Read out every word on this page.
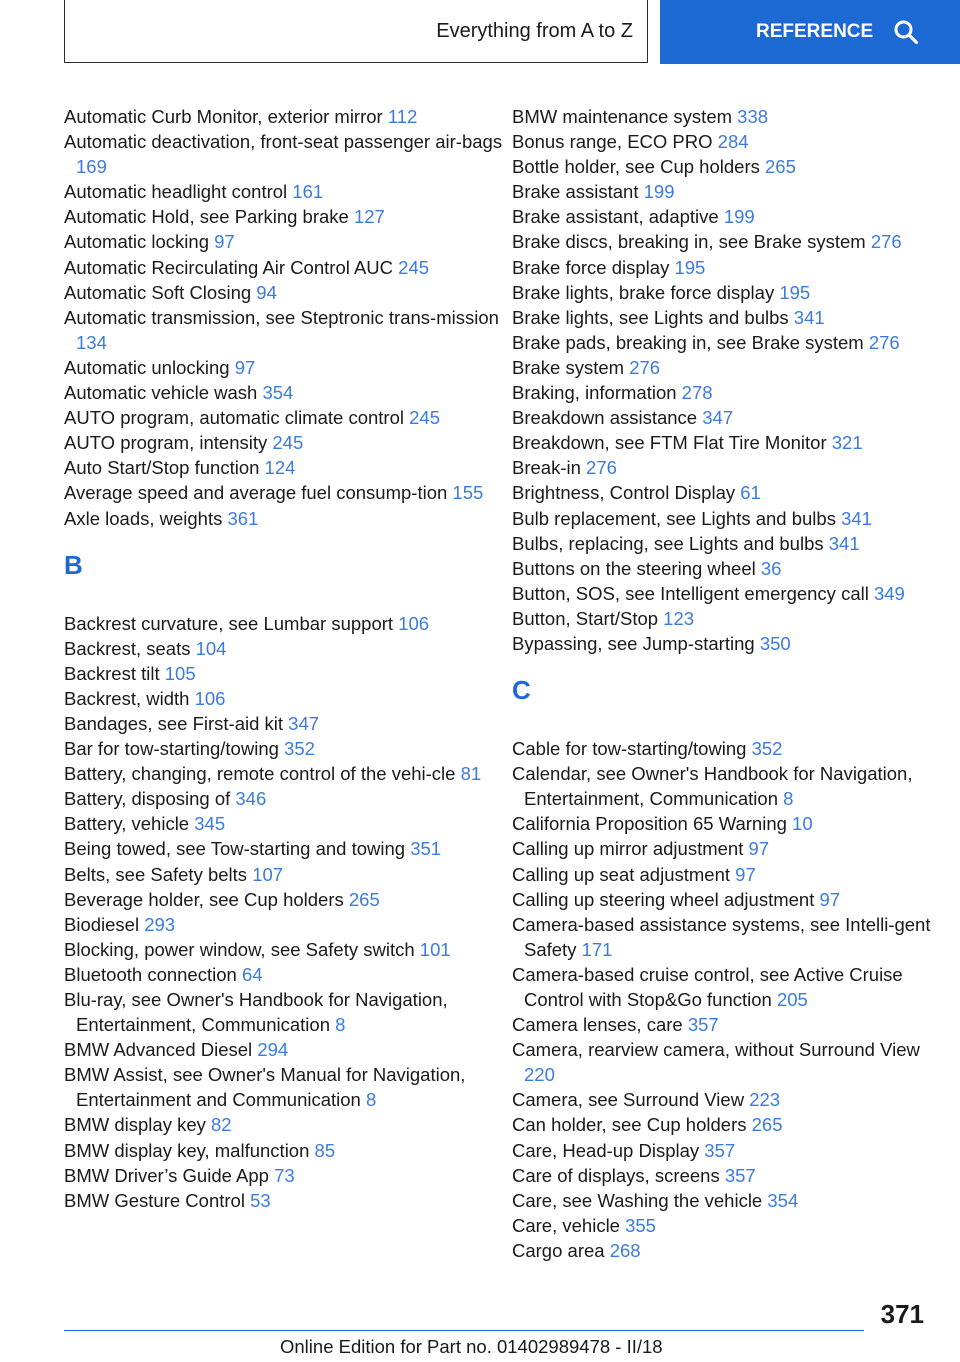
Everything from A to Z	REFERENCE
Automatic Curb Monitor, exterior mirror 112
Automatic deactivation, front-seat passenger air-bags 169
Automatic headlight control 161
Automatic Hold, see Parking brake 127
Automatic locking 97
Automatic Recirculating Air Control AUC 245
Automatic Soft Closing 94
Automatic transmission, see Steptronic trans-mission 134
Automatic unlocking 97
Automatic vehicle wash 354
AUTO program, automatic climate control 245
AUTO program, intensity 245
Auto Start/Stop function 124
Average speed and average fuel consump-tion 155
Axle loads, weights 361
B
Backrest curvature, see Lumbar support 106
Backrest, seats 104
Backrest tilt 105
Backrest, width 106
Bandages, see First-aid kit 347
Bar for tow-starting/towing 352
Battery, changing, remote control of the vehi-cle 81
Battery, disposing of 346
Battery, vehicle 345
Being towed, see Tow-starting and towing 351
Belts, see Safety belts 107
Beverage holder, see Cup holders 265
Biodiesel 293
Blocking, power window, see Safety switch 101
Bluetooth connection 64
Blu-ray, see Owner's Handbook for Navigation, Entertainment, Communication 8
BMW Advanced Diesel 294
BMW Assist, see Owner's Manual for Navigation, Entertainment and Communication 8
BMW display key 82
BMW display key, malfunction 85
BMW Driver’s Guide App 73
BMW Gesture Control 53
BMW maintenance system 338
Bonus range, ECO PRO 284
Bottle holder, see Cup holders 265
Brake assistant 199
Brake assistant, adaptive 199
Brake discs, breaking in, see Brake system 276
Brake force display 195
Brake lights, brake force display 195
Brake lights, see Lights and bulbs 341
Brake pads, breaking in, see Brake system 276
Brake system 276
Braking, information 278
Breakdown assistance 347
Breakdown, see FTM Flat Tire Monitor 321
Break-in 276
Brightness, Control Display 61
Bulb replacement, see Lights and bulbs 341
Bulbs, replacing, see Lights and bulbs 341
Buttons on the steering wheel 36
Button, SOS, see Intelligent emergency call 349
Button, Start/Stop 123
Bypassing, see Jump-starting 350
C
Cable for tow-starting/towing 352
Calendar, see Owner's Handbook for Navigation, Entertainment, Communication 8
California Proposition 65 Warning 10
Calling up mirror adjustment 97
Calling up seat adjustment 97
Calling up steering wheel adjustment 97
Camera-based assistance systems, see Intelli-gent Safety 171
Camera-based cruise control, see Active Cruise Control with Stop&Go function 205
Camera lenses, care 357
Camera, rearview camera, without Surround View 220
Camera, see Surround View 223
Can holder, see Cup holders 265
Care, Head-up Display 357
Care of displays, screens 357
Care, see Washing the vehicle 354
Care, vehicle 355
Cargo area 268
371
Online Edition for Part no. 01402989478 - II/18
